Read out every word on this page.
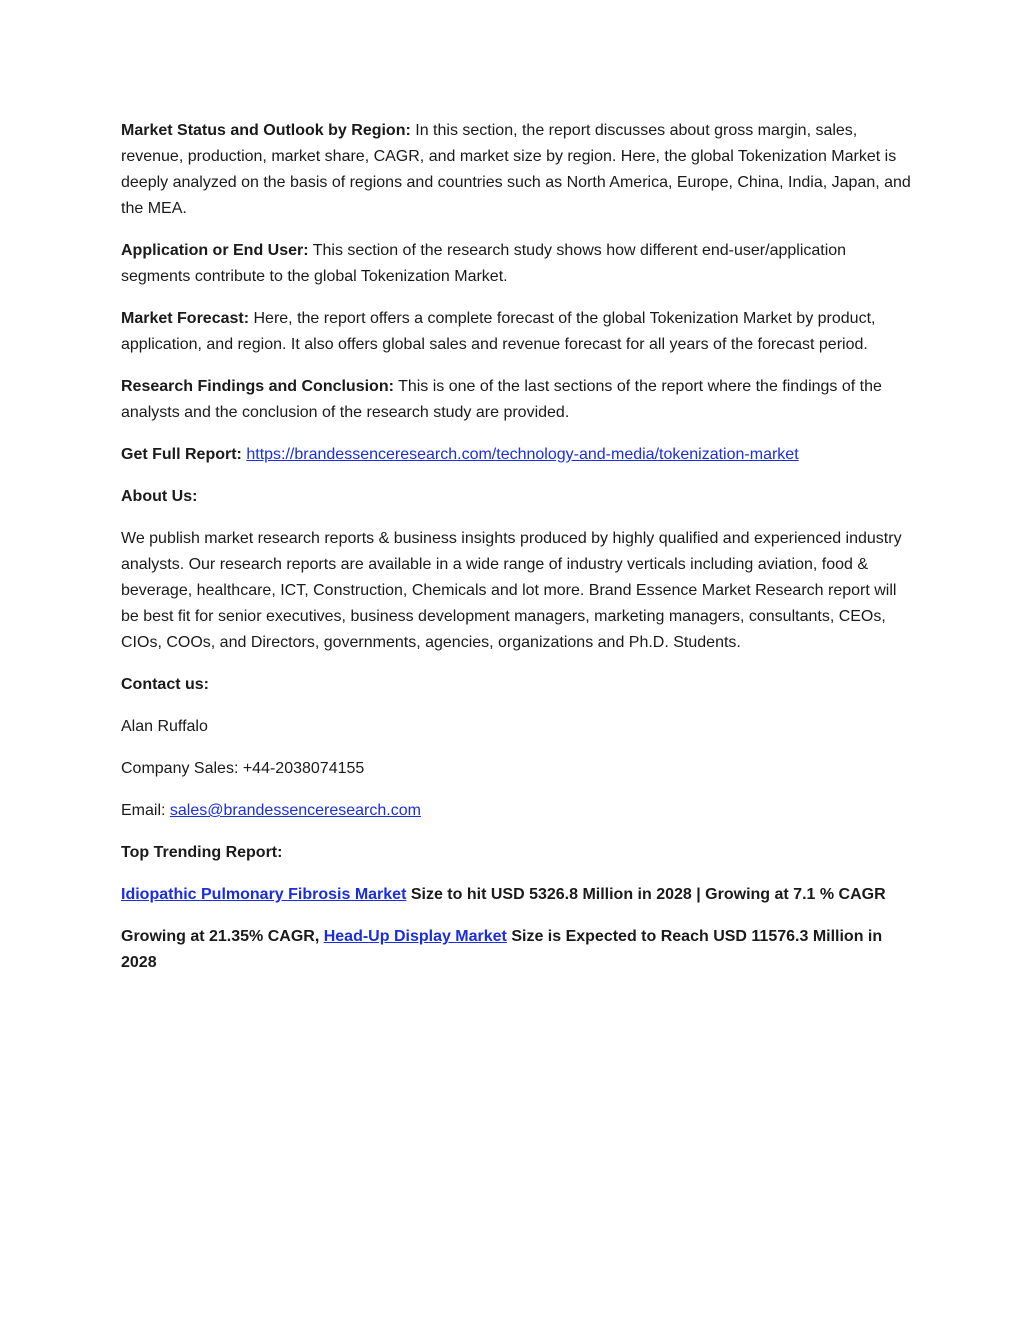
Market Status and Outlook by Region: In this section, the report discusses about gross margin, sales, revenue, production, market share, CAGR, and market size by region. Here, the global Tokenization Market is deeply analyzed on the basis of regions and countries such as North America, Europe, China, India, Japan, and the MEA.

Application or End User: This section of the research study shows how different end-user/application segments contribute to the global Tokenization Market.

Market Forecast: Here, the report offers a complete forecast of the global Tokenization Market by product, application, and region. It also offers global sales and revenue forecast for all years of the forecast period.

Research Findings and Conclusion: This is one of the last sections of the report where the findings of the analysts and the conclusion of the research study are provided.

Get Full Report: https://brandessenceresearch.com/technology-and-media/tokenization-market

About Us:

We publish market research reports & business insights produced by highly qualified and experienced industry analysts. Our research reports are available in a wide range of industry verticals including aviation, food & beverage, healthcare, ICT, Construction, Chemicals and lot more. Brand Essence Market Research report will be best fit for senior executives, business development managers, marketing managers, consultants, CEOs, CIOs, COOs, and Directors, governments, agencies, organizations and Ph.D. Students.

Contact us:

Alan Ruffalo

Company Sales: +44-2038074155

Email: sales@brandessenceresearch.com

Top Trending Report:

Idiopathic Pulmonary Fibrosis Market Size to hit USD 5326.8 Million in 2028 | Growing at 7.1 % CAGR

Growing at 21.35% CAGR, Head-Up Display Market Size is Expected to Reach USD 11576.3 Million in 2028
